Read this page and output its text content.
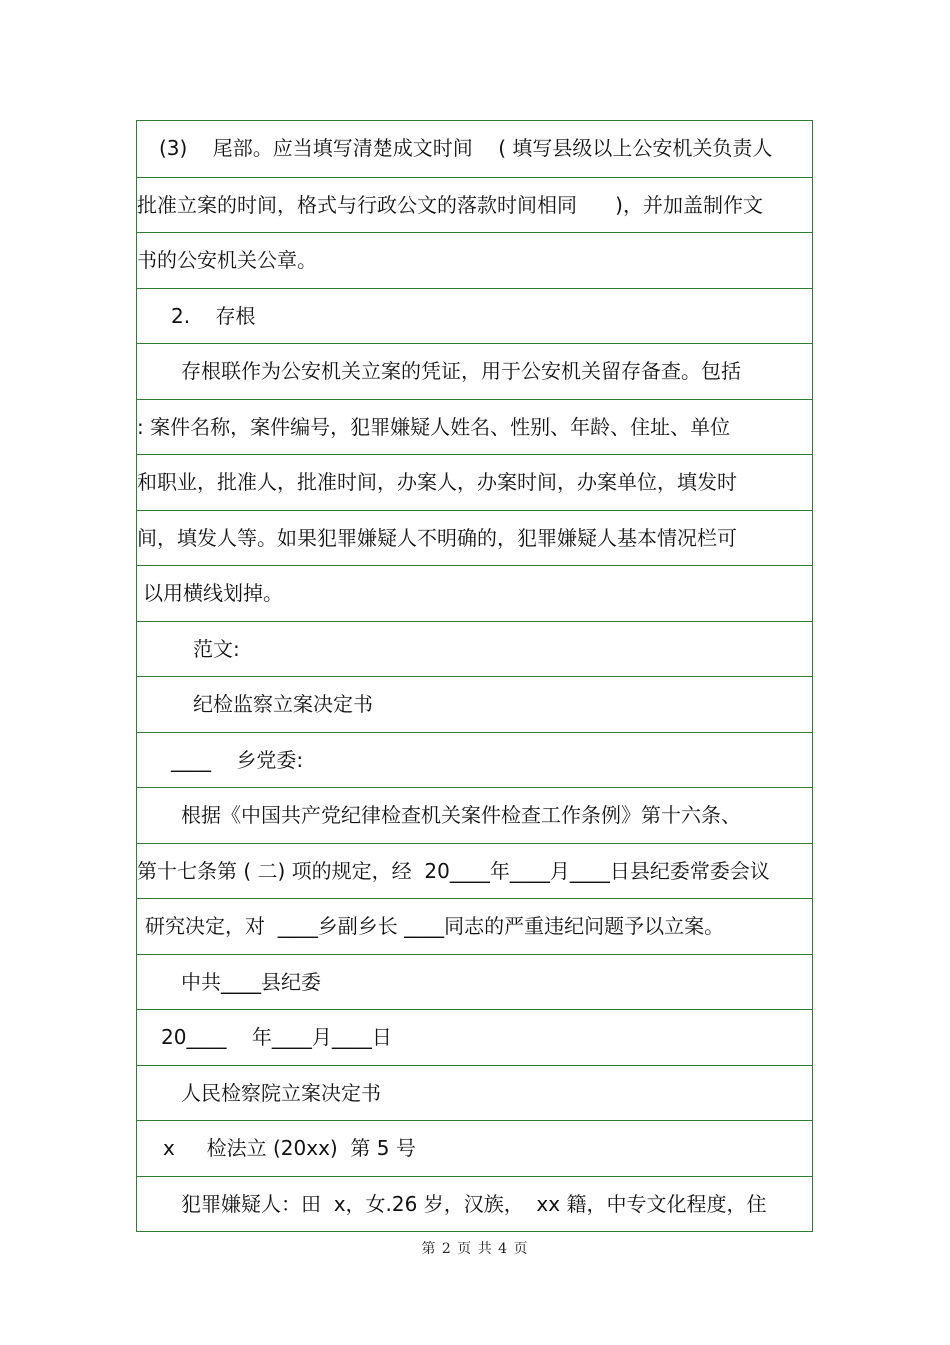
(3)    尾部。应当填写清楚成文时间    ( 填写县级以上公安机关负责人
批准立案的时间，格式与行政公文的落款时间相同      )，并加盖制作文
书的公安机关公章。
2.    存根
存根联作为公安机关立案的凭证，用于公安机关留存备查。包括
: 案件名称，案件编号，犯罪嫌疑人姓名、性别、年龄、住址、单位
和职业，批准人，批准时间，办案人，办案时间，办案单位，填发时
间，填发人等。如果犯罪嫌疑人不明确的，犯罪嫌疑人基本情况栏可
以用横线划掉。
范文:
纪检监察立案决定书
____    乡党委:
根据《中国共产党纪律检查机关案件检查工作条例》第十六条、
第十七条第 ( 二) 项的规定，经  20____年____月____日县纪委常委会议
研究决定，对  ____乡副乡长 ____同志的严重违纪问题予以立案。
中共____县纪委
20____    年____月____日
人民检察院立案决定书
x     检法立 (20xx)  第 5 号
犯罪嫌疑人：田  x，女.26 岁，汉族，  xx 籍，中专文化程度，住
第 2 页 共 4 页
